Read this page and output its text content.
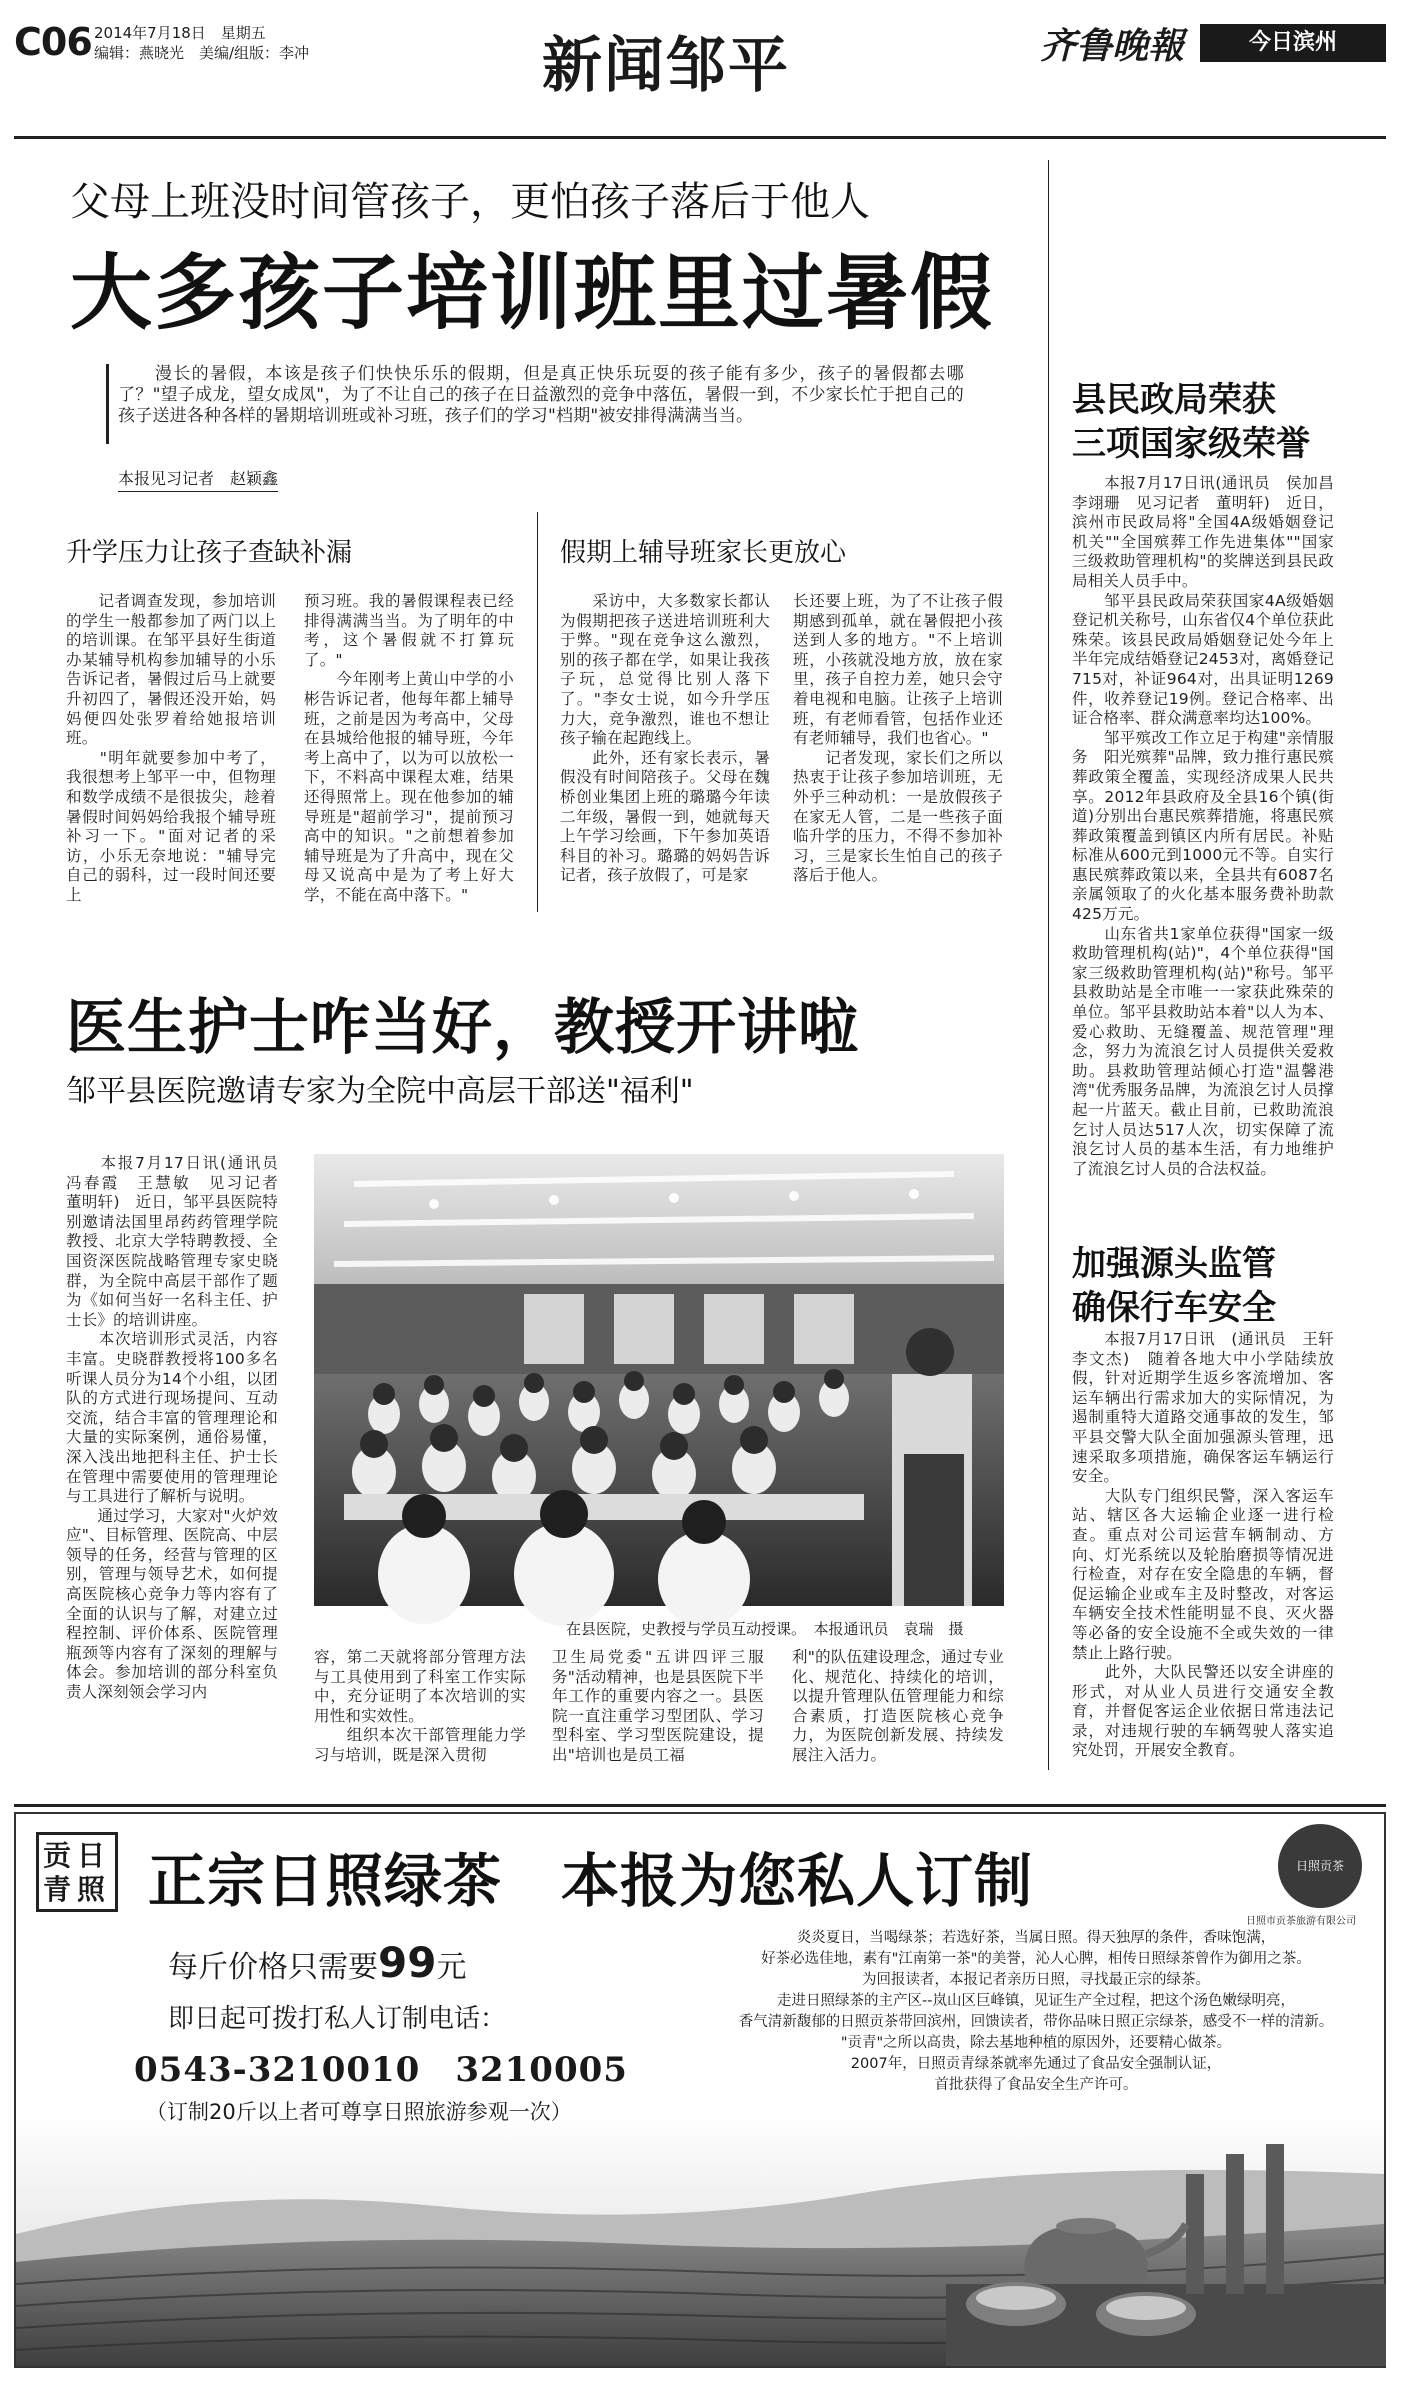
C06 2014年7月18日　星期五
编辑：燕晓光　美编/组版：李冲	新闻邹平	齐鲁晚報	今日滨州
父母上班没时间管孩子，更怕孩子落后于他人
大多孩子培训班里过暑假
　　漫长的暑假，本该是孩子们快快乐乐的假期，但是真正快乐玩耍的孩子能有多少，孩子的暑假都去哪了？"望子成龙，望女成凤"，为了不让自己的孩子在日益激烈的竞争中落伍，暑假一到，不少家长忙于把自己的孩子送进各种各样的暑期培训班或补习班，孩子们的学习"档期"被安排得满满当当。
本报见习记者　赵颖鑫
升学压力让孩子查缺补漏	假期上辅导班家长更放心
　　记者调查发现，参加培训的学生一般都参加了两门以上的培训课。在邹平县好生街道办某辅导机构参加辅导的小乐告诉记者，暑假过后马上就要升初四了，暑假还没开始，妈妈便四处张罗着给她报培训班。
　　"明年就要参加中考了，我很想考上邹平一中，但物理和数学成绩不是很拔尖，趁着暑假时间妈妈给我报个辅导班补习一下。"面对记者的采访，小乐无奈地说："辅导完自己的弱科，过一段时间还要上
预习班。我的暑假课程表已经排得满满当当。为了明年的中考，这个暑假就不打算玩了。"
　　今年刚考上黄山中学的小彬告诉记者，他每年都上辅导班，之前是因为考高中，父母在县城给他报的辅导班，今年考上高中了，以为可以放松一下，不料高中课程太难，结果还得照常上。现在他参加的辅导班是"超前学习"，提前预习高中的知识。"之前想着参加辅导班是为了升高中，现在父母又说高中是为了考上好大学，不能在高中落下。"
　　采访中，大多数家长都认为假期把孩子送进培训班利大于弊。"现在竞争这么激烈，别的孩子都在学，如果让我孩子玩，总觉得比别人落下了。"李女士说，如今升学压力大，竞争激烈，谁也不想让孩子输在起跑线上。
　　此外，还有家长表示，暑假没有时间陪孩子。父母在魏桥创业集团上班的璐璐今年读二年级，暑假一到，她就每天上午学习绘画，下午参加英语科目的补习。璐璐的妈妈告诉记者，孩子放假了，可是家
长还要上班，为了不让孩子假期感到孤单，就在暑假把小孩送到人多的地方。"不上培训班，小孩就没地方放，放在家里，孩子自控力差，她只会守着电视和电脑。让孩子上培训班，有老师看管，包括作业还有老师辅导，我们也省心。"
　　记者发现，家长们之所以热衷于让孩子参加培训班，无外乎三种动机：一是放假孩子在家无人管，二是一些孩子面临升学的压力，不得不参加补习，三是家长生怕自己的孩子落后于他人。
医生护士咋当好，教授开讲啦
邹平县医院邀请专家为全院中高层干部送"福利"
　　本报7月17日讯(通讯员　冯春霞　王慧敏　见习记者　董明轩)　近日，邹平县医院特别邀请法国里昂药药管理学院教授、北京大学特聘教授、全国资深医院战略管理专家史晓群，为全院中高层干部作了题为《如何当好一名科主任、护士长》的培训讲座。
　　本次培训形式灵活，内容丰富。史晓群教授将100多名听课人员分为14个小组，以团队的方式进行现场提问、互动交流，结合丰富的管理理论和大量的实际案例，通俗易懂，深入浅出地把科主任、护士长在管理中需要使用的管理理论与工具进行了解析与说明。
　　通过学习，大家对"火炉效应"、目标管理、医院高、中层领导的任务，经营与管理的区别，管理与领导艺术，如何提高医院核心竞争力等内容有了全面的认识与了解，对建立过程控制、评价体系、医院管理瓶颈等内容有了深刻的理解与体会。参加培训的部分科室负责人深刻领会学习内
在县医院，史教授与学员互动授课。　本报通讯员　袁瑞　摄
容，第二天就将部分管理方法与工具使用到了科室工作实际中，充分证明了本次培训的实用性和实效性。
　　组织本次干部管理能力学习与培训，既是深入贯彻
卫生局党委"五讲四评三服务"活动精神，也是县医院下半年工作的重要内容之一。县医院一直注重学习型团队、学习型科室、学习型医院建设，提出"培训也是员工福
利"的队伍建设理念，通过专业化、规范化、持续化的培训，以提升管理队伍管理能力和综合素质，打造医院核心竞争力，为医院创新发展、持续发展注入活力。
县民政局荣获
三项国家级荣誉
　　本报7月17日讯(通讯员　侯加昌　李翊珊　见习记者　董明轩)　近日，滨州市民政局将"全国4A级婚姻登记机关""全国殡葬工作先进集体""国家三级救助管理机构"的奖牌送到县民政局相关人员手中。
　　邹平县民政局荣获国家4A级婚姻登记机关称号，山东省仅4个单位获此殊荣。该县民政局婚姻登记处今年上半年完成结婚登记2453对，离婚登记715对，补证964对，出具证明1269件，收养登记19例。登记合格率、出证合格率、群众满意率均达100%。
　　邹平殡改工作立足于构建"亲情服务　阳光殡葬"品牌，致力推行惠民殡葬政策全覆盖，实现经济成果人民共享。2012年县政府及全县16个镇(街道)分别出台惠民殡葬措施，将惠民殡葬政策覆盖到镇区内所有居民。补贴标准从600元到1000元不等。自实行惠民殡葬政策以来，全县共有6087名亲属领取了的火化基本服务费补助款425万元。
　　山东省共1家单位获得"国家一级救助管理机构(站)"，4个单位获得"国家三级救助管理机构(站)"称号。邹平县救助站是全市唯一一家获此殊荣的单位。邹平县救助站本着"以人为本、爱心救助、无缝覆盖、规范管理"理念，努力为流浪乞讨人员提供关爱救助。县救助管理站倾心打造"温馨港湾"优秀服务品牌，为流浪乞讨人员撑起一片蓝天。截止目前，已救助流浪乞讨人员达517人次，切实保障了流浪乞讨人员的基本生活，有力地维护了流浪乞讨人员的合法权益。
加强源头监管
确保行车安全
　　本报7月17日讯　(通讯员　王轩　李文杰)　随着各地大中小学陆续放假，针对近期学生返乡客流增加、客运车辆出行需求加大的实际情况，为遏制重特大道路交通事故的发生，邹平县交警大队全面加强源头管理，迅速采取多项措施，确保客运车辆运行安全。
　　大队专门组织民警，深入客运车站、辖区各大运输企业逐一进行检查。重点对公司运营车辆制动、方向、灯光系统以及轮胎磨损等情况进行检查，对存在安全隐患的车辆，督促运输企业或车主及时整改，对客运车辆安全技术性能明显不良、灭火器等必备的安全设施不全或失效的一律禁止上路行驶。
　　此外，大队民警还以安全讲座的形式，对从业人员进行交通安全教育，并督促客运企业依据日常违法记录，对违规行驶的车辆驾驶人落实追究处罚，开展安全教育。
贡日青照 正宗日照绿茶　本报为您私人订制	日照贡茶
日照市贡茶旅游有限公司
每斤价格只需要99元
即日起可拨打私人订制电话：
0543-3210010　3210005
（订制20斤以上者可尊享日照旅游参观一次）
炎炎夏日，当喝绿茶；若选好茶，当属日照。得天独厚的条件，香味饱满，
好茶必选佳地，素有"江南第一茶"的美誉，沁人心脾，相传日照绿茶曾作为御用之茶。
为回报读者，本报记者亲历日照，寻找最正宗的绿茶。
走进日照绿茶的主产区--岚山区巨峰镇，见证生产全过程，把这个汤色嫩绿明亮，
香气清新馥郁的日照贡茶带回滨州，回馈读者，带你品味日照正宗绿茶，感受不一样的清新。
"贡青"之所以高贵，除去基地种植的原因外，还要精心做茶。
2007年，日照贡青绿茶就率先通过了食品安全强制认证，
首批获得了食品安全生产许可。
